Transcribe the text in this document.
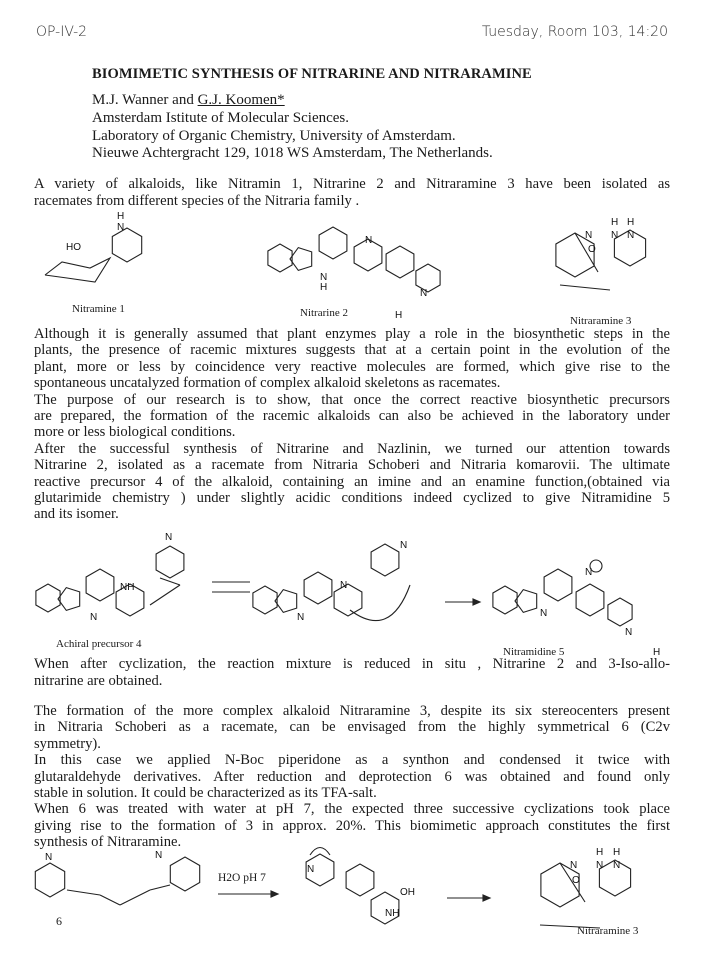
OP-IV-2	Tuesday, Room 103, 14:20
BIOMIMETIC SYNTHESIS OF NITRARINE AND NITRARAMINE
M.J. Wanner and G.J. Koomen*
Amsterdam Istitute of Molecular Sciences.
Laboratory of Organic Chemistry, University of Amsterdam.
Nieuwe Achtergracht 129, 1018 WS Amsterdam, The Netherlands.
A variety of alkaloids, like Nitramin 1, Nitrarine 2 and Nitraramine 3 have been isolated as
racemates from different species of the Nitraria family .
Nitramine 1	Nitrarine 2
Nitraramine 3
Although it is generally assumed that plant enzymes play a role in the biosynthetic steps in the
plants, the presence of racemic mixtures suggests that at a certain point in the evolution of the
plant, more or less by coincidence very reactive molecules are formed, which give rise to the
spontaneous uncatalyzed formation of complex alkaloid skeletons as racemates.
The purpose of our research is to show, that once the correct reactive biosynthetic precursors
are prepared, the formation of the racemic alkaloids can also be achieved in the laboratory under
more or less biological conditions.
After the successful synthesis of Nitrarine and Nazlinin, we turned our attention towards
Nitrarine 2, isolated as a racemate from Nitraria Schoberi and Nitraria komarovii. The ultimate
reactive precursor 4 of the alkaloid, containing an imine and an enamine function,(obtained via
glutarimide chemistry ) under slightly acidic conditions indeed cyclized to give Nitramidine 5
and its isomer.
Achiral precursor 4
Nitramidine 5
When after cyclization, the reaction mixture is reduced in situ , Nitrarine 2 and 3-Iso-allo-
nitrarine are obtained.
The formation of the more complex alkaloid Nitraramine 3, despite its six stereocenters present
in Nitraria Schoberi as a racemate, can be envisaged from the highly symmetrical 6 (C2v
symmetry).
In this case we applied N-Boc piperidone as a synthon and condensed it twice with
glutaraldehyde derivatives. After reduction and deprotection 6 was obtained and found only
stable in solution. It could be characterized as its TFA-salt.
When 6 was treated with water at pH 7, the expected three successive cyclizations took place
giving rise to the formation of 3 in approx. 20%. This biomimetic approach constitutes the first
synthesis of Nitraramine.
6
H2O pH 7
Nitraramine 3
N
H
HO
N
N
H
N
H
N N N
H
H
O
N
NH
N
N
N
N
N
N
N
H
N	N
N
OH
NH
N N N
H
H
O
